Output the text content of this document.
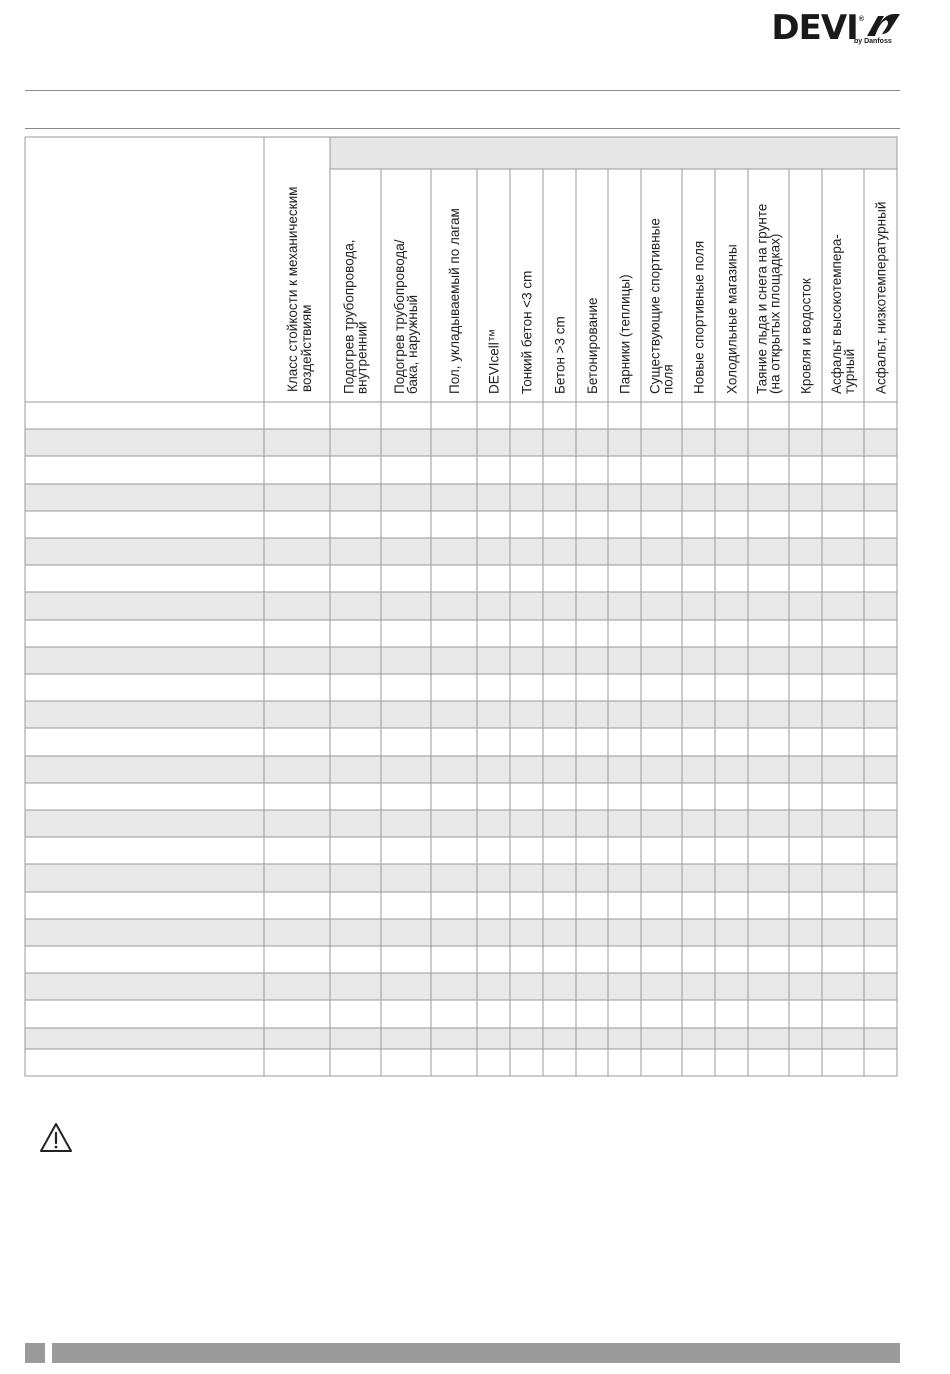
DEVI ®
by Danfoss
Класс стойкости к механическим воздействиям Подогрев трубопровода,внутренний Подогрев трубопровода/бака, наружный Пол, укладываемый по лагам DEVIcell™ Тонкий бетон <3 cm Бетон >3 cm Бетонирование Парники (теплицы) Существующие спортивныеполя Новые спортивные поля Холодильные магазины Таяние льда и снега на грунте(на открытых площадках) Кровля и водосток Асфальт высокотемпера-турный Асфальт, низкотемпературный
